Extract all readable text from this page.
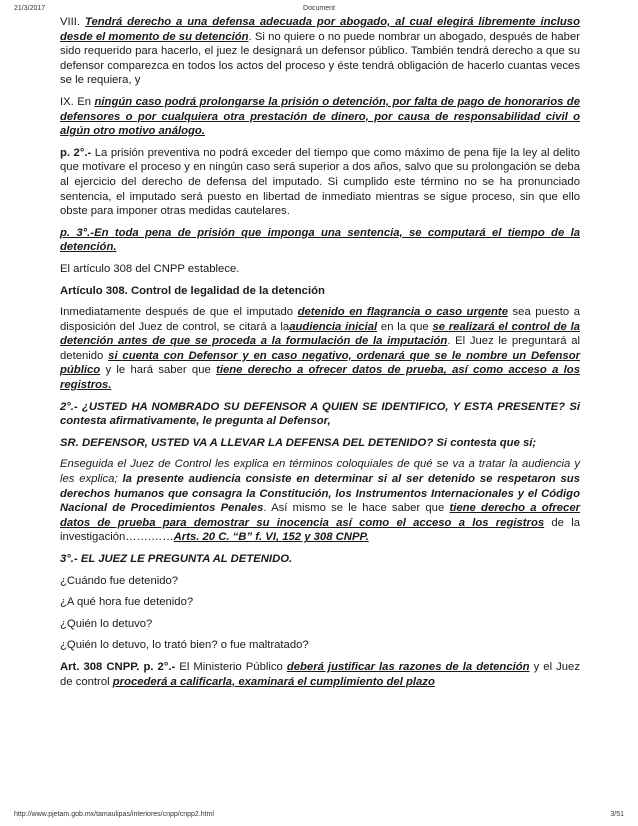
21/3/2017	Document

VIII. Tendrá derecho a una defensa adecuada por abogado, al cual elegirá libremente incluso desde el momento de su detención. Si no quiere o no puede nombrar un abogado, después de haber sido requerido para hacerlo, el juez le designará un defensor público. También tendrá derecho a que su defensor comparezca en todos los actos del proceso y éste tendrá obligación de hacerlo cuantas veces se le requiera, y

IX. En ningún caso podrá prolongarse la prisión o detención, por falta de pago de honorarios de defensores o por cualquiera otra prestación de dinero, por causa de responsabilidad civil o algún otro motivo análogo.

p. 2°.- La prisión preventiva no podrá exceder del tiempo que como máximo de pena fije la ley al delito que motivare el proceso y en ningún caso será superior a dos años, salvo que su prolongación se deba al ejercicio del derecho de defensa del imputado. Si cumplido este término no se ha pronunciado sentencia, el imputado será puesto en libertad de inmediato mientras se sigue proceso, sin que ello obste para imponer otras medidas cautelares.

p. 3°.-En toda pena de prisión que imponga una sentencia, se computará el tiempo de la detención.

El artículo 308 del CNPP establece.

Artículo 308. Control de legalidad de la detención

Inmediatamente después de que el imputado detenido en flagrancia o caso urgente sea puesto a disposición del Juez de control, se citará a laaudiencia inicial en la que se realizará el control de la detención antes de que se proceda a la formulación de la imputación. El Juez le preguntará al detenido si cuenta con Defensor y en caso negativo, ordenará que se le nombre un Defensor público y le hará saber que tiene derecho a ofrecer datos de prueba, así como acceso a los registros.

2°.- ¿USTED HA NOMBRADO SU DEFENSOR A QUIEN SE IDENTIFICO, Y ESTA PRESENTE? Si contesta afirmativamente, le pregunta al Defensor,

SR. DEFENSOR, USTED VA A LLEVAR LA DEFENSA DEL DETENIDO? Si contesta que sí;

Enseguida el Juez de Control les explica en términos coloquiales de qué se va a tratar la audiencia y les explica; la presente audiencia consiste en determinar si al ser detenido se respetaron sus derechos humanos que consagra la Constitución, los Instrumentos Internacionales y el Código Nacional de Procedimientos Penales. Así mismo se le hace saber que tiene derecho a ofrecer datos de prueba para demostrar su inocencia así como el acceso a los registros de la investigación…….……Arts. 20 C. “B” f. VI, 152 y 308 CNPP.

3°.- EL JUEZ LE PREGUNTA AL DETENIDO.

¿Cuándo fue detenido?

¿A qué hora fue detenido?

¿Quién lo detuvo?

¿Quién lo detuvo, lo trató bien? o fue maltratado?

Art. 308 CNPP. p. 2°.- El Ministerio Público deberá justificar las razones de la detención y el Juez de control procederá a calificarla, examinará el cumplimiento del plazo

http://www.pjetam.gob.mx/tamaulipas/interiores/cnpp/cnpp2.html	3/51
